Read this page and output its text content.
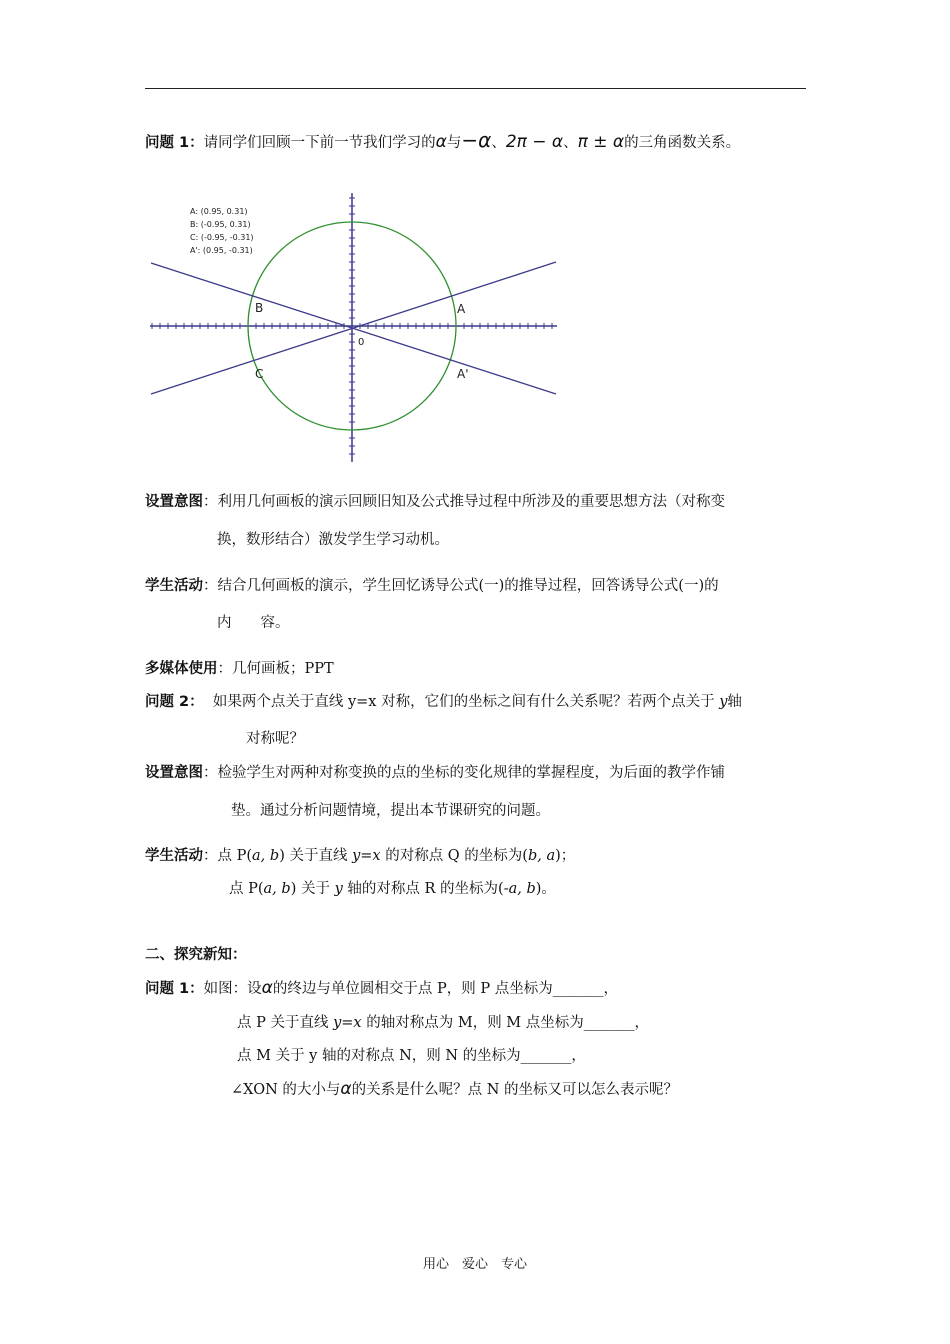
问题 1：请同学们回顾一下前一节我们学习的α与−α、2π − α、π ± α的三角函数关系。
A: (0.95, 0.31)
B: (-0.95, 0.31)
C: (-0.95, -0.31)
A': (0.95, -0.31)
A
B
C	A'
0
设置意图：利用几何画板的演示回顾旧知及公式推导过程中所涉及的重要思想方法（对称变
换，数形结合）激发学生学习动机。
学生活动：结合几何画板的演示，学生回忆诱导公式(一)的推导过程，回答诱导公式(一)的
内　　容。
多媒体使用：几何画板；PPT
问题 2： 如果两个点关于直线 y=x 对称，它们的坐标之间有什么关系呢？若两个点关于 y轴
对称呢？
设置意图：检验学生对两种对称变换的点的坐标的变化规律的掌握程度，为后面的教学作铺
垫。通过分析问题情境，提出本节课研究的问题。
学生活动：点 P(a, b) 关于直线 y=x 的对称点 Q 的坐标为(b, a)；
点 P(a, b) 关于 y 轴的对称点 R 的坐标为(-a, b)。
二、探究新知：
问题 1：如图：设α的终边与单位圆相交于点 P，则 P 点坐标为_______，
点 P 关于直线 y=x 的轴对称点为 M，则 M 点坐标为_______，
点 M 关于 y 轴的对称点 N，则 N 的坐标为_______，
∠XON 的大小与α的关系是什么呢？点 N 的坐标又可以怎么表示呢？
用心　爱心　专心
